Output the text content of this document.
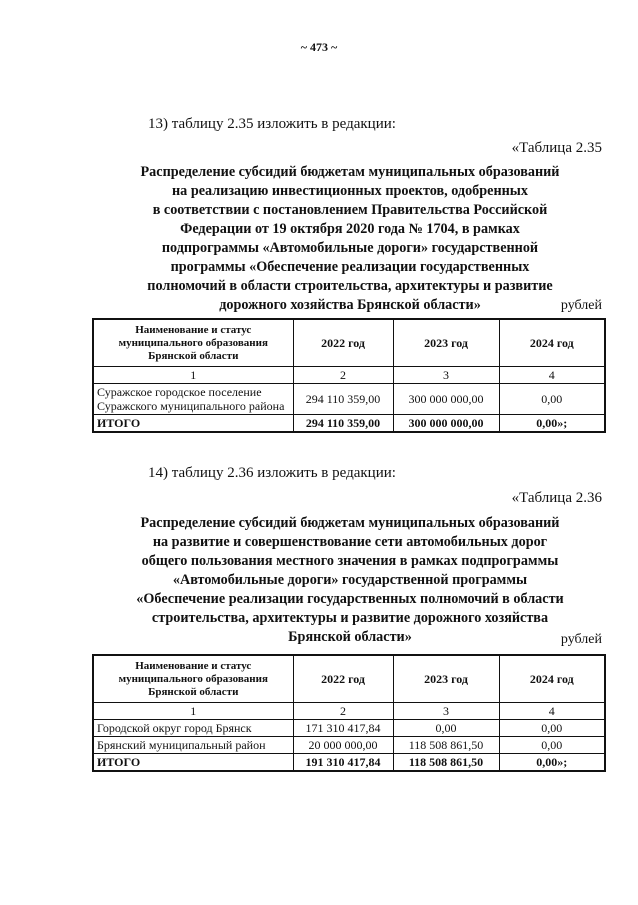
~ 473 ~
13) таблицу 2.35 изложить в редакции:
«Таблица 2.35
Распределение субсидий бюджетам муниципальных образований
на реализацию инвестиционных проектов, одобренных
в соответствии с постановлением Правительства Российской
Федерации от 19 октября 2020 года № 1704, в рамках
подпрограммы «Автомобильные дороги» государственной
программы «Обеспечение реализации государственных
полномочий в области строительства, архитектуры и развитие
дорожного хозяйства Брянской области»	рублей
Наименование и статус муниципального образования Брянской области	2022 год	2023 год	2024 год
1	2	3	4
Суражское городское поселение Суражского муниципального района	294 110 359,00	300 000 000,00	0,00
ИТОГО	294 110 359,00	300 000 000,00	0,00»;
14) таблицу 2.36 изложить в редакции:
«Таблица 2.36
Распределение субсидий бюджетам муниципальных образований
на развитие и совершенствование сети автомобильных дорог
общего пользования местного значения в рамках подпрограммы
«Автомобильные дороги» государственной программы
«Обеспечение реализации государственных полномочий в области
строительства, архитектуры и развитие дорожного хозяйства
Брянской области»	рублей
Наименование и статус муниципального образования Брянской области	2022 год	2023 год	2024 год
1	2	3	4
Городской округ город Брянск	171 310 417,84	0,00	0,00
Брянский муниципальный район	20 000 000,00	118 508 861,50	0,00
ИТОГО	191 310 417,84	118 508 861,50	0,00»;
